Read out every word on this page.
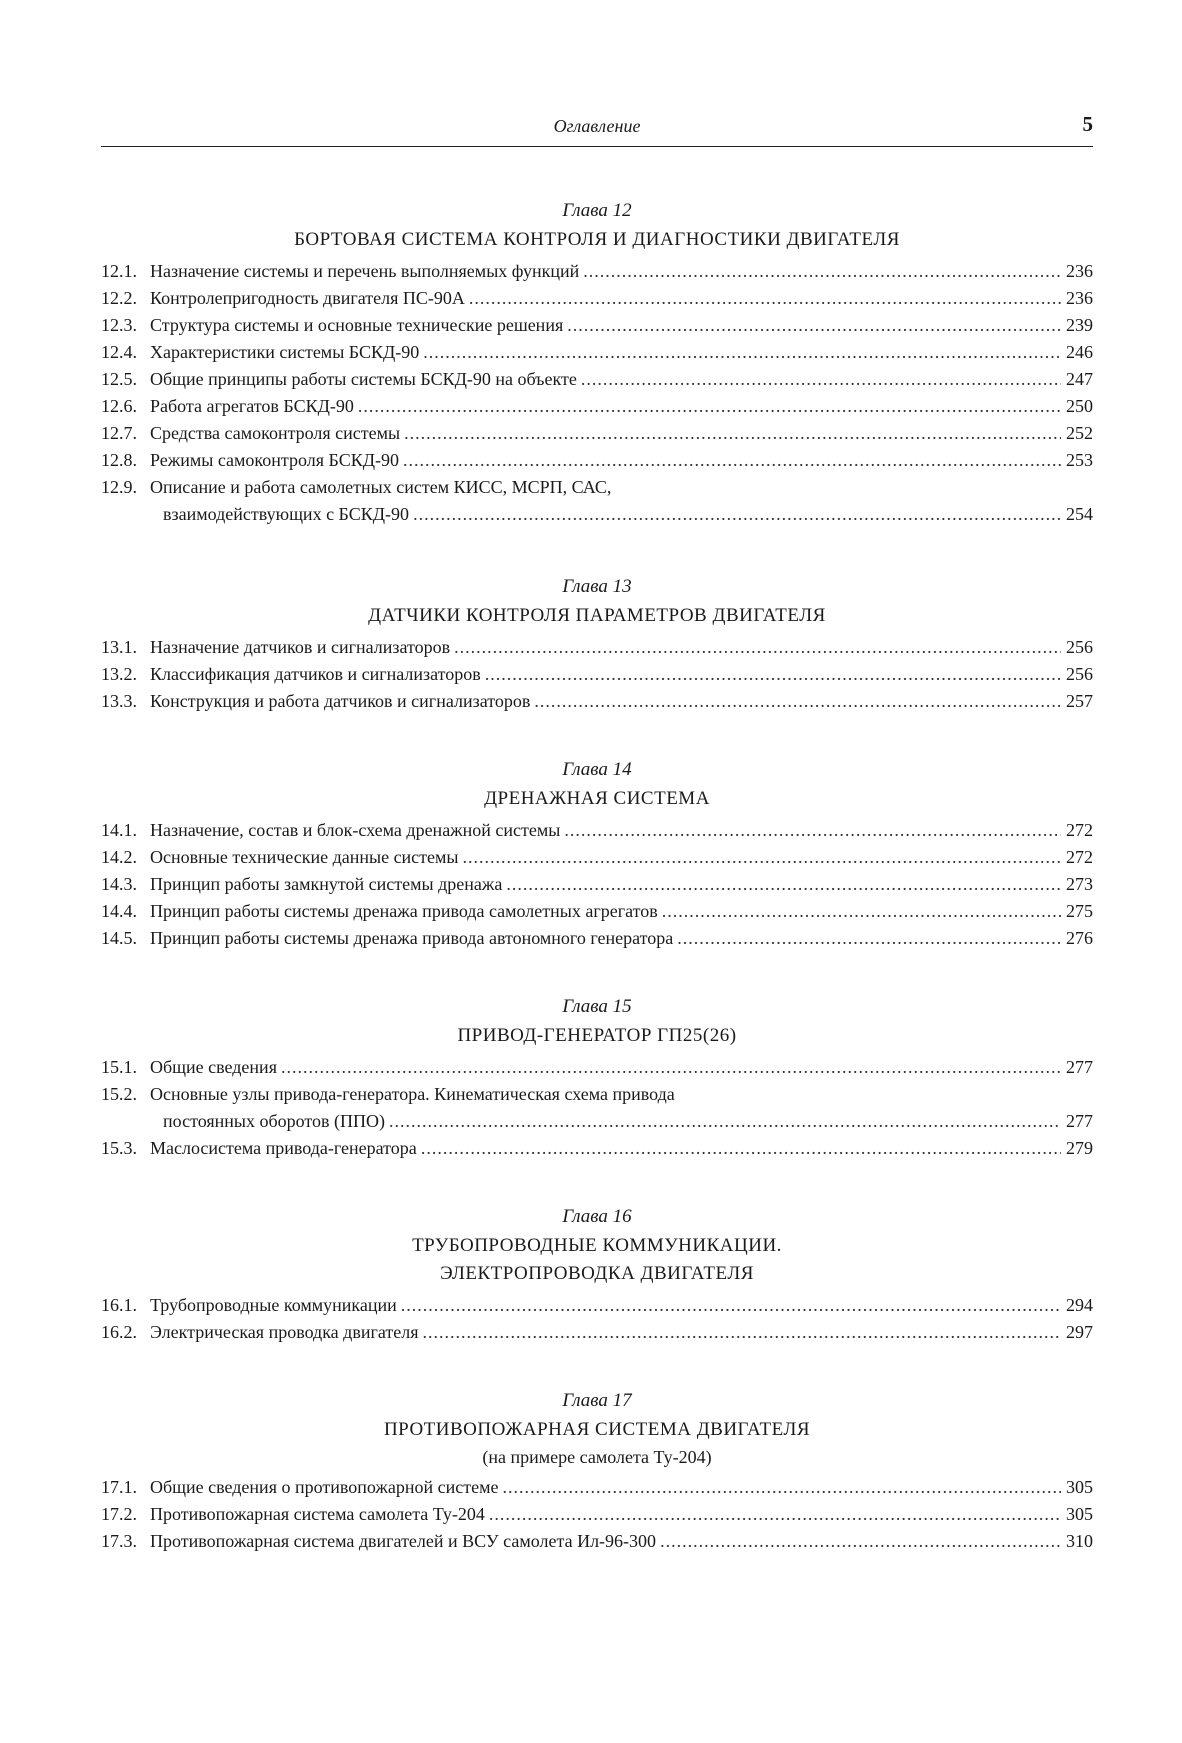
Оглавление	5
Глава 12
БОРТОВАЯ СИСТЕМА КОНТРОЛЯ И ДИАГНОСТИКИ ДВИГАТЕЛЯ
12.1. Назначение системы и перечень выполняемых функций .....	236
12.2. Контролепригодность двигателя ПС-90А .....	236
12.3. Структура системы и основные технические решения .....	239
12.4. Характеристики системы БСКД-90 .....	246
12.5. Общие принципы работы системы БСКД-90 на объекте .....	247
12.6. Работа агрегатов БСКД-90 .....	250
12.7. Средства самоконтроля системы .....	252
12.8. Режимы самоконтроля БСКД-90 .....	253
12.9. Описание и работа самолетных систем КИСС, МСРП, САС,
взаимодействующих с БСКД-90 .....	254
Глава 13
ДАТЧИКИ КОНТРОЛЯ ПАРАМЕТРОВ ДВИГАТЕЛЯ
13.1. Назначение датчиков и сигнализаторов .....	256
13.2. Классификация датчиков и сигнализаторов .....	256
13.3. Конструкция и работа датчиков и сигнализаторов .....	257
Глава 14
ДРЕНАЖНАЯ СИСТЕМА
14.1. Назначение, состав и блок-схема дренажной системы .....	272
14.2. Основные технические данные системы .....	272
14.3. Принцип работы замкнутой системы дренажа .....	273
14.4. Принцип работы системы дренажа привода самолетных агрегатов .....	275
14.5. Принцип работы системы дренажа привода автономного генератора .....	276
Глава 15
ПРИВОД-ГЕНЕРАТОР ГП25(26)
15.1. Общие сведения .....	277
15.2. Основные узлы привода-генератора. Кинематическая схема привода
постоянных оборотов (ППО) .....	277
15.3. Маслосистема привода-генератора .....	279
Глава 16
ТРУБОПРОВОДНЫЕ КОММУНИКАЦИИ.
ЭЛЕКТРОПРОВОДКА ДВИГАТЕЛЯ
16.1. Трубопроводные коммуникации .....	294
16.2. Электрическая проводка двигателя .....	297
Глава 17
ПРОТИВОПОЖАРНАЯ СИСТЕМА ДВИГАТЕЛЯ
(на примере самолета Ту-204)
17.1. Общие сведения о противопожарной системе .....	305
17.2. Противопожарная система самолета Ту-204 .....	305
17.3. Противопожарная система двигателей и ВСУ самолета Ил-96-300 .....	310
